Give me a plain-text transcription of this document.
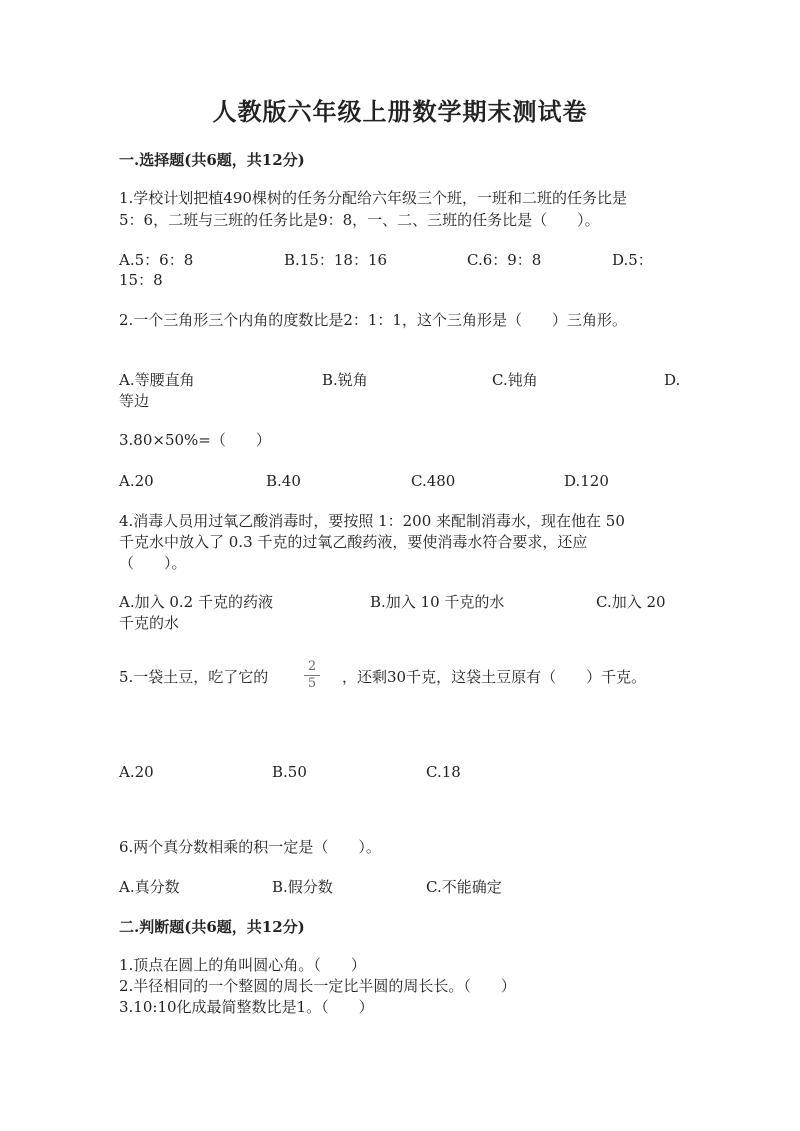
人教版六年级上册数学期末测试卷
一.选择题(共6题，共12分)
1.学校计划把植490棵树的任务分配给六年级三个班，一班和二班的任务比是
5：6，二班与三班的任务比是9：8，一、二、三班的任务比是（　　）。
A.5：6：8	B.15：18：16	C.6：9：8	D.5：
15：8
2.一个三角形三个内角的度数比是2：1：1，这个三角形是（　　）三角形。
A.等腰直角	B.锐角	C.钝角	D.
等边
3.80×50%=（　　）
A.20	B.40	C.480	D.120
4.消毒人员用过氧乙酸消毒时，要按照 1：200 来配制消毒水，现在他在 50
千克水中放入了 0.3 千克的过氧乙酸药液，要使消毒水符合要求，还应
（　　）。
A.加入 0.2 千克的药液	B.加入 10 千克的水	C.加入 20
千克的水
5.一袋土豆，吃了它的
2
5 ，还剩30千克，这袋土豆原有（　　）千克。
A.20	B.50	C.18
6.两个真分数相乘的积一定是（　　）。
A.真分数	B.假分数	C.不能确定
二.判断题(共6题，共12分)
1.顶点在圆上的角叫圆心角。（　　）
2.半径相同的一个整圆的周长一定比半圆的周长长。（　　）
3.10:10化成最简整数比是1。（　　）
